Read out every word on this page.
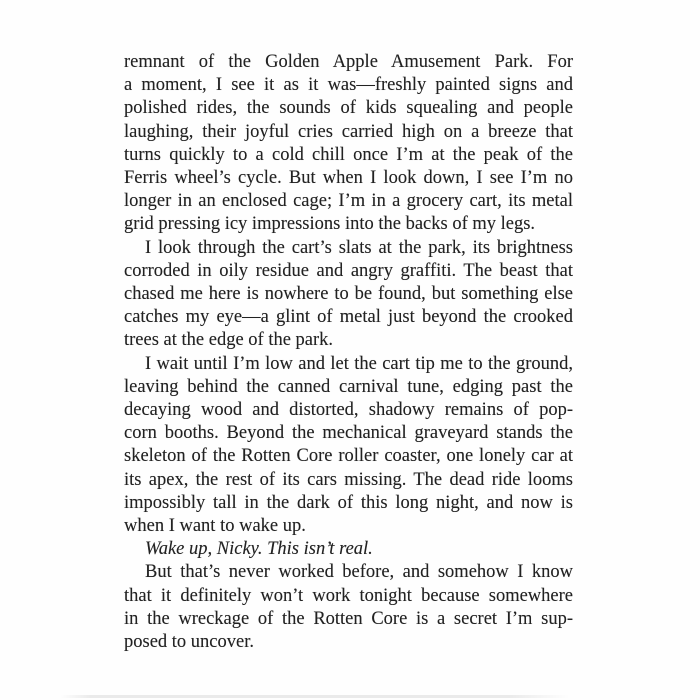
remnant of the Golden Apple Amusement Park. For
a moment, I see it as it was—freshly painted signs and
polished rides, the sounds of kids squealing and people
laughing, their joyful cries carried high on a breeze that
turns quickly to a cold chill once I’m at the peak of the
Ferris wheel’s cycle. But when I look down, I see I’m no
longer in an enclosed cage; I’m in a grocery cart, its metal
grid pressing icy impressions into the backs of my legs.
I look through the cart’s slats at the park, its brightness
corroded in oily residue and angry graffiti. The beast that
chased me here is nowhere to be found, but something else
catches my eye—a glint of metal just beyond the crooked
trees at the edge of the park.
I wait until I’m low and let the cart tip me to the ground,
leaving behind the canned carnival tune, edging past the
decaying wood and distorted, shadowy remains of pop-
corn booths. Beyond the mechanical graveyard stands the
skeleton of the Rotten Core roller coaster, one lonely car at
its apex, the rest of its cars missing. The dead ride looms
impossibly tall in the dark of this long night, and now is
when I want to wake up.
Wake up, Nicky. This isn’t real.
But that’s never worked before, and somehow I know
that it definitely won’t work tonight because somewhere
in the wreckage of the Rotten Core is a secret I’m sup-
posed to uncover.
